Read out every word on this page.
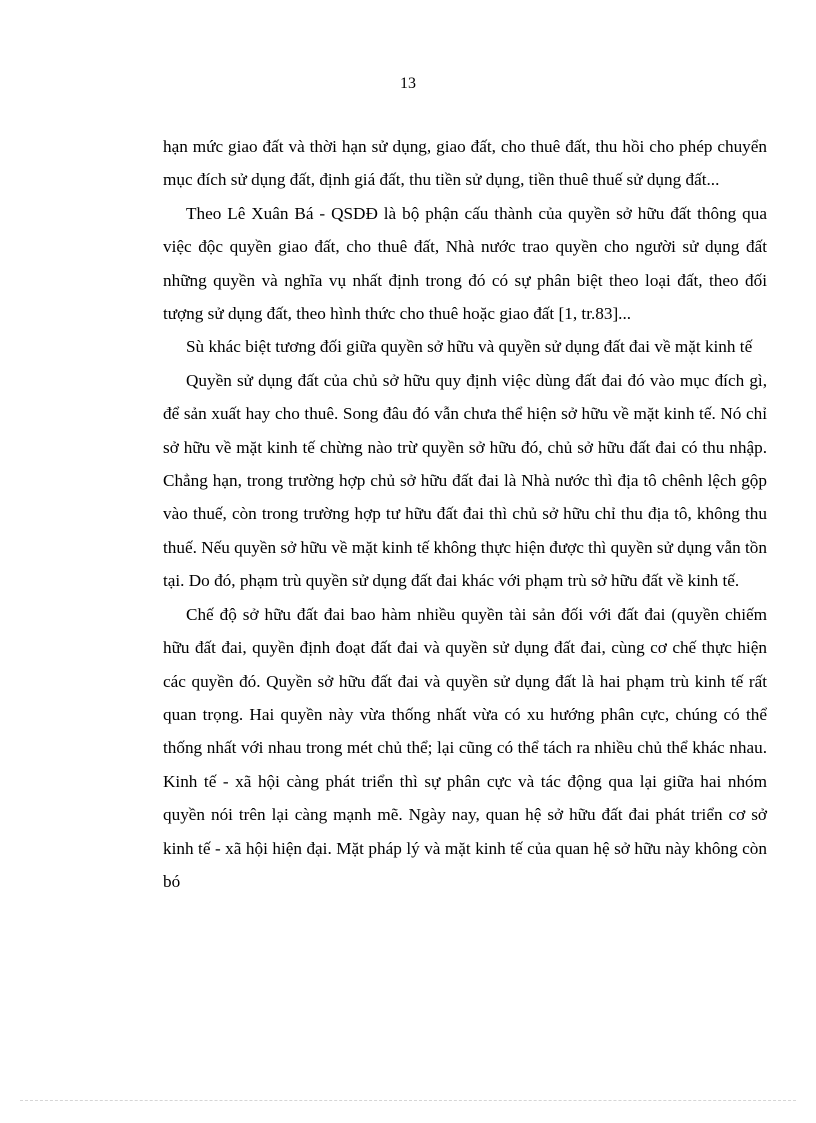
13

hạn mức giao đất và thời hạn sử dụng, giao đất, cho thuê đất, thu hồi cho phép chuyển mục đích sử dụng đất, định giá đất, thu tiền sử dụng, tiền thuê thuế sử dụng đất...

Theo Lê Xuân Bá - QSDĐ là bộ phận cấu thành của quyền sở hữu đất thông qua việc độc quyền giao đất, cho thuê đất, Nhà nước trao quyền cho người sử dụng đất những quyền và nghĩa vụ nhất định trong đó có sự phân biệt theo loại đất, theo đối tượng sử dụng đất, theo hình thức cho thuê hoặc giao đất [1, tr.83]...

Sù khác biệt tương đối giữa quyền sở hữu và quyền sử dụng đất đai về mặt kinh tế

Quyền sử dụng đất của chủ sở hữu quy định việc dùng đất đai đó vào mục đích gì, để sản xuất hay cho thuê. Song đâu đó vẫn chưa thể hiện sở hữu về mặt kinh tế. Nó chỉ sở hữu về mặt kinh tế chừng nào trừ quyền sở hữu đó, chủ sở hữu đất đai có thu nhập. Chẳng hạn, trong trường hợp chủ sở hữu đất đai là Nhà nước thì địa tô chênh lệch gộp vào thuế, còn trong trường hợp tư hữu đất đai thì chủ sở hữu chỉ thu địa tô, không thu thuế. Nếu quyền sở hữu về mặt kinh tế không thực hiện được thì quyền sử dụng vẫn tồn tại. Do đó, phạm trù quyền sử dụng đất đai khác với phạm trù sở hữu đất về kinh tế.

Chế độ sở hữu đất đai bao hàm nhiều quyền tài sản đối với đất đai (quyền chiếm hữu đất đai, quyền định đoạt đất đai và quyền sử dụng đất đai, cùng cơ chế thực hiện các quyền đó. Quyền sở hữu đất đai và quyền sử dụng đất là hai phạm trù kinh tế rất quan trọng. Hai quyền này vừa thống nhất vừa có xu hướng phân cực, chúng có thể thống nhất với nhau trong mét chủ thể; lại cũng có thể tách ra nhiều chủ thể khác nhau. Kinh tế - xã hội càng phát triển thì sự phân cực và tác động qua lại giữa hai nhóm quyền nói trên lại càng mạnh mẽ. Ngày nay, quan hệ sở hữu đất đai phát triển cơ sở kinh tế - xã hội hiện đại. Mặt pháp lý và mặt kinh tế của quan hệ sở hữu này không còn bó
